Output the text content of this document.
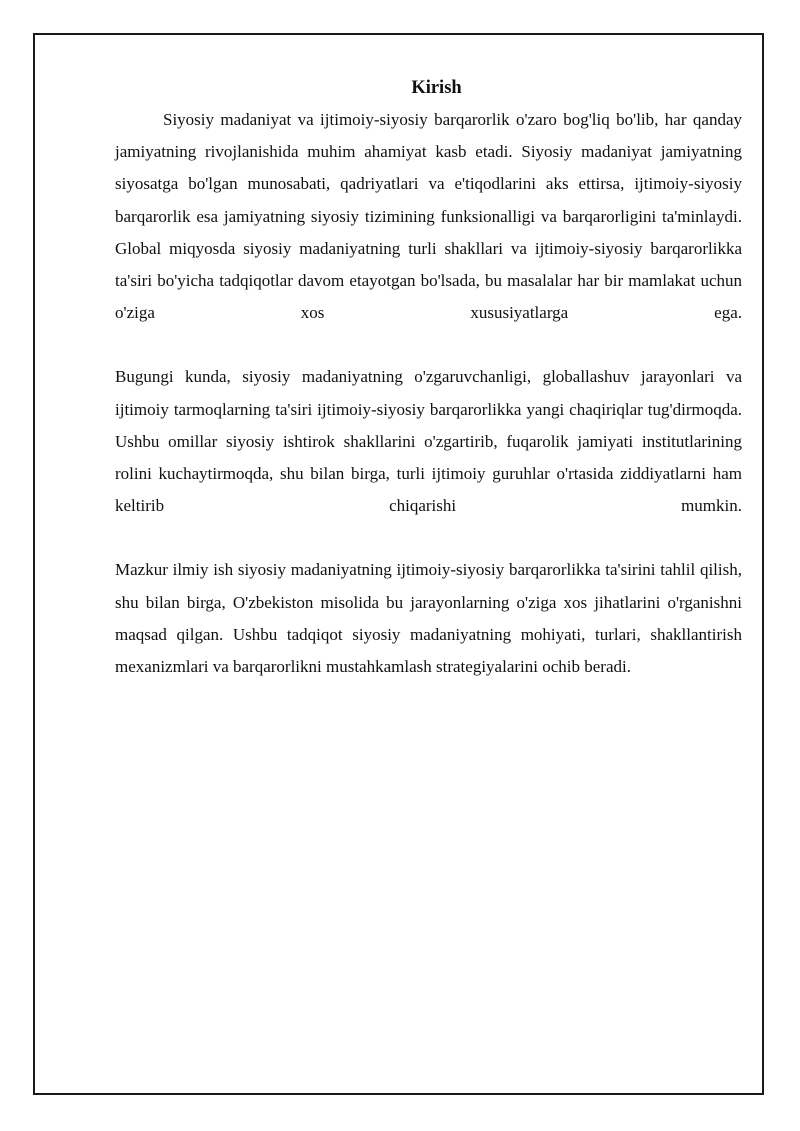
Kirish

Siyosiy madaniyat va ijtimoiy-siyosiy barqarorlik o'zaro bog'liq bo'lib, har qanday jamiyatning rivojlanishida muhim ahamiyat kasb etadi. Siyosiy madaniyat jamiyatning siyosatga bo'lgan munosabati, qadriyatlari va e'tiqodlarini aks ettirsa, ijtimoiy-siyosiy barqarorlik esa jamiyatning siyosiy tizimining funksionalligi va barqarorligini ta'minlaydi. Global miqyosda siyosiy madaniyatning turli shakllari va ijtimoiy-siyosiy barqarorlikka ta'siri bo'yicha tadqiqotlar davom etayotgan bo'lsada, bu masalalar har bir mamlakat uchun o'ziga xos xususiyatlarga ega.

Bugungi kunda, siyosiy madaniyatning o'zgaruvchanligi, globallashuv jarayonlari va ijtimoiy tarmoqlarning ta'siri ijtimoiy-siyosiy barqarorlikka yangi chaqiriqlar tug'dirmoqda. Ushbu omillar siyosiy ishtirok shakllarini o'zgartirib, fuqarolik jamiyati institutlarining rolini kuchaytirmoqda, shu bilan birga, turli ijtimoiy guruhlar o'rtasida ziddiyatlarni ham keltirib chiqarishi mumkin.

Mazkur ilmiy ish siyosiy madaniyatning ijtimoiy-siyosiy barqarorlikka ta'sirini tahlil qilish, shu bilan birga, O'zbekiston misolida bu jarayonlarning o'ziga xos jihatlarini o'rganishni maqsad qilgan. Ushbu tadqiqot siyosiy madaniyatning mohiyati, turlari, shakllantirish mexanizmlari va barqarorlikni mustahkamlash strategiyalarini ochib beradi.
